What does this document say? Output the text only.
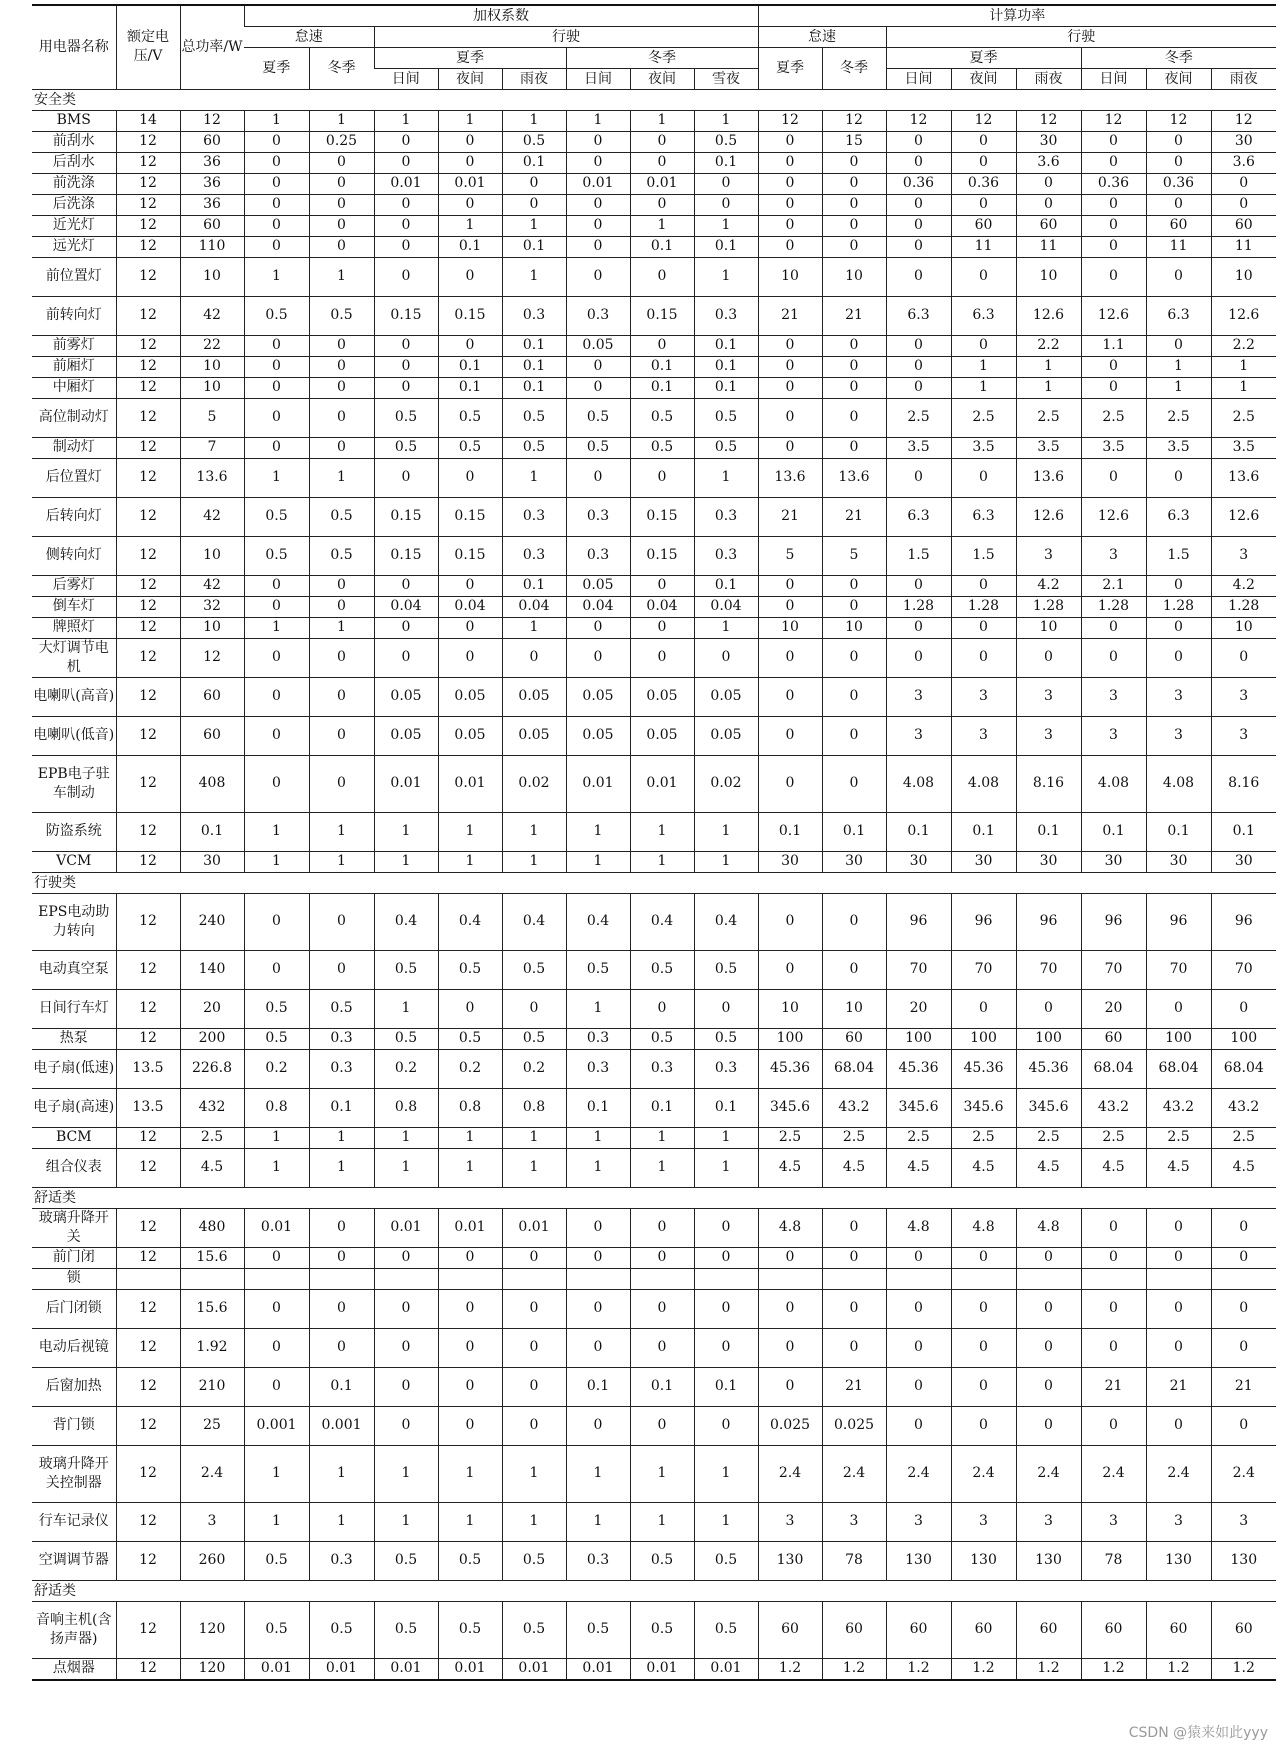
用电器名称	额定电压/V	总功率/W	加权系数								计算功率							
			怠速		行驶						怠速		行驶					
			夏季	冬季	夏季			冬季			夏季	冬季	夏季			冬季		
					日间	夜间	雨夜	日间	夜间	雪夜			日间	夜间	雨夜	日间	夜间	雨夜
安全类																		
BMS	14	12	1	1	1	1	1	1	1	1	12	12	12	12	12	12	12	12
前刮水	12	60	0	0.25	0	0	0.5	0	0	0.5	0	15	0	0	30	0	0	30
后刮水	12	36	0	0	0	0	0.1	0	0	0.1	0	0	0	0	3.6	0	0	3.6
前洗涤	12	36	0	0	0.01	0.01	0	0.01	0.01	0	0	0	0.36	0.36	0	0.36	0.36	0
后洗涤	12	36	0	0	0	0	0	0	0	0	0	0	0	0	0	0	0	0
近光灯	12	60	0	0	0	1	1	0	1	1	0	0	0	60	60	0	60	60
远光灯	12	110	0	0	0	0.1	0.1	0	0.1	0.1	0	0	0	11	11	0	11	11
前位置灯	12	10	1	1	0	0	1	0	0	1	10	10	0	0	10	0	0	10
前转向灯	12	42	0.5	0.5	0.15	0.15	0.3	0.3	0.15	0.3	21	21	6.3	6.3	12.6	12.6	6.3	12.6
前雾灯	12	22	0	0	0	0	0.1	0.05	0	0.1	0	0	0	0	2.2	1.1	0	2.2
前厢灯	12	10	0	0	0	0.1	0.1	0	0.1	0.1	0	0	0	1	1	0	1	1
中厢灯	12	10	0	0	0	0.1	0.1	0	0.1	0.1	0	0	0	1	1	0	1	1
高位制动灯	12	5	0	0	0.5	0.5	0.5	0.5	0.5	0.5	0	0	2.5	2.5	2.5	2.5	2.5	2.5
制动灯	12	7	0	0	0.5	0.5	0.5	0.5	0.5	0.5	0	0	3.5	3.5	3.5	3.5	3.5	3.5
后位置灯	12	13.6	1	1	0	0	1	0	0	1	13.6	13.6	0	0	13.6	0	0	13.6
后转向灯	12	42	0.5	0.5	0.15	0.15	0.3	0.3	0.15	0.3	21	21	6.3	6.3	12.6	12.6	6.3	12.6
侧转向灯	12	10	0.5	0.5	0.15	0.15	0.3	0.3	0.15	0.3	5	5	1.5	1.5	3	3	1.5	3
后雾灯	12	42	0	0	0	0	0.1	0.05	0	0.1	0	0	0	0	4.2	2.1	0	4.2
倒车灯	12	32	0	0	0.04	0.04	0.04	0.04	0.04	0.04	0	0	1.28	1.28	1.28	1.28	1.28	1.28
牌照灯	12	10	1	1	0	0	1	0	0	1	10	10	0	0	10	0	0	10
大灯调节电机	12	12	0	0	0	0	0	0	0	0	0	0	0	0	0	0	0	0
电喇叭(高音)	12	60	0	0	0.05	0.05	0.05	0.05	0.05	0.05	0	0	3	3	3	3	3	3
电喇叭(低音)	12	60	0	0	0.05	0.05	0.05	0.05	0.05	0.05	0	0	3	3	3	3	3	3
EPB电子驻车制动	12	408	0	0	0.01	0.01	0.02	0.01	0.01	0.02	0	0	4.08	4.08	8.16	4.08	4.08	8.16
防盗系统	12	0.1	1	1	1	1	1	1	1	1	0.1	0.1	0.1	0.1	0.1	0.1	0.1	0.1
VCM	12	30	1	1	1	1	1	1	1	1	30	30	30	30	30	30	30	30
行驶类																		
EPS电动助力转向	12	240	0	0	0.4	0.4	0.4	0.4	0.4	0.4	0	0	96	96	96	96	96	96
电动真空泵	12	140	0	0	0.5	0.5	0.5	0.5	0.5	0.5	0	0	70	70	70	70	70	70
日间行车灯	12	20	0.5	0.5	1	0	0	1	0	0	10	10	20	0	0	20	0	0
热泵	12	200	0.5	0.3	0.5	0.5	0.5	0.3	0.5	0.5	100	60	100	100	100	60	100	100
电子扇(低速)	13.5	226.8	0.2	0.3	0.2	0.2	0.2	0.3	0.3	0.3	45.36	68.04	45.36	45.36	45.36	68.04	68.04	68.04
电子扇(高速)	13.5	432	0.8	0.1	0.8	0.8	0.8	0.1	0.1	0.1	345.6	43.2	345.6	345.6	345.6	43.2	43.2	43.2
BCM	12	2.5	1	1	1	1	1	1	1	1	2.5	2.5	2.5	2.5	2.5	2.5	2.5	2.5
组合仪表	12	4.5	1	1	1	1	1	1	1	1	4.5	4.5	4.5	4.5	4.5	4.5	4.5	4.5
舒适类																		
玻璃升降开关	12	480	0.01	0	0.01	0.01	0.01	0	0	0	4.8	0	4.8	4.8	4.8	0	0	0
前门闭	12	15.6	0	0	0	0	0	0	0	0	0	0	0	0	0	0	0	0
锁																		
后门闭锁	12	15.6	0	0	0	0	0	0	0	0	0	0	0	0	0	0	0	0
电动后视镜	12	1.92	0	0	0	0	0	0	0	0	0	0	0	0	0	0	0	0
后窗加热	12	210	0	0.1	0	0	0	0.1	0.1	0.1	0	21	0	0	0	21	21	21
背门锁	12	25	0.001	0.001	0	0	0	0	0	0	0.025	0.025	0	0	0	0	0	0
玻璃升降开关控制器	12	2.4	1	1	1	1	1	1	1	1	2.4	2.4	2.4	2.4	2.4	2.4	2.4	2.4
行车记录仪	12	3	1	1	1	1	1	1	1	1	3	3	3	3	3	3	3	3
空调调节器	12	260	0.5	0.3	0.5	0.5	0.5	0.3	0.5	0.5	130	78	130	130	130	78	130	130
舒适类																		
音响主机(含扬声器)	12	120	0.5	0.5	0.5	0.5	0.5	0.5	0.5	0.5	60	60	60	60	60	60	60	60
点烟器	12	120	0.01	0.01	0.01	0.01	0.01	0.01	0.01	0.01	1.2	1.2	1.2	1.2	1.2	1.2	1.2	1.2
CSDN @猿来如此yyy
